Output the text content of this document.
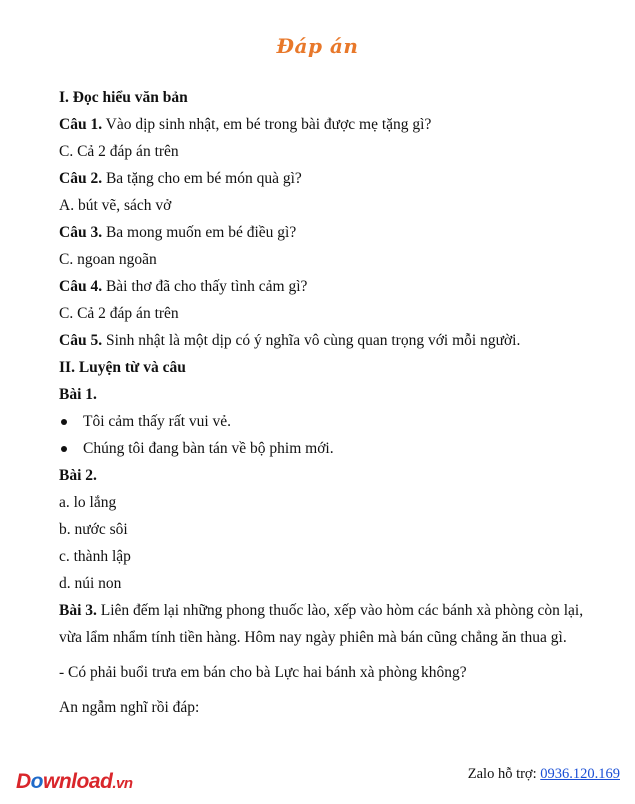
Đáp án
I. Đọc hiểu văn bản
Câu 1. Vào dịp sinh nhật, em bé trong bài được mẹ tặng gì?
C. Cả 2 đáp án trên
Câu 2. Ba tặng cho em bé món quà gì?
A. bút vẽ, sách vở
Câu 3. Ba mong muốn em bé điều gì?
C. ngoan ngoãn
Câu 4. Bài thơ đã cho thấy tình cảm gì?
C. Cả 2 đáp án trên
Câu 5. Sinh nhật là một dịp có ý nghĩa vô cùng quan trọng với mỗi người.
II. Luyện từ và câu
Bài 1.
Tôi cảm thấy rất vui vẻ.
Chúng tôi đang bàn tán về bộ phim mới.
Bài 2.
a. lo lắng
b. nước sôi
c. thành lập
d. núi non
Bài 3. Liên đếm lại những phong thuốc lào, xếp vào hòm các bánh xà phòng còn lại,
vừa lẩm nhẩm tính tiền hàng. Hôm nay ngày phiên mà bán cũng chẳng ăn thua gì.
- Có phải buổi trưa em bán cho bà Lực hai bánh xà phòng không?
An ngẫm nghĩ rồi đáp:
Download.vn
Zalo hỗ trợ: 0936.120.169
